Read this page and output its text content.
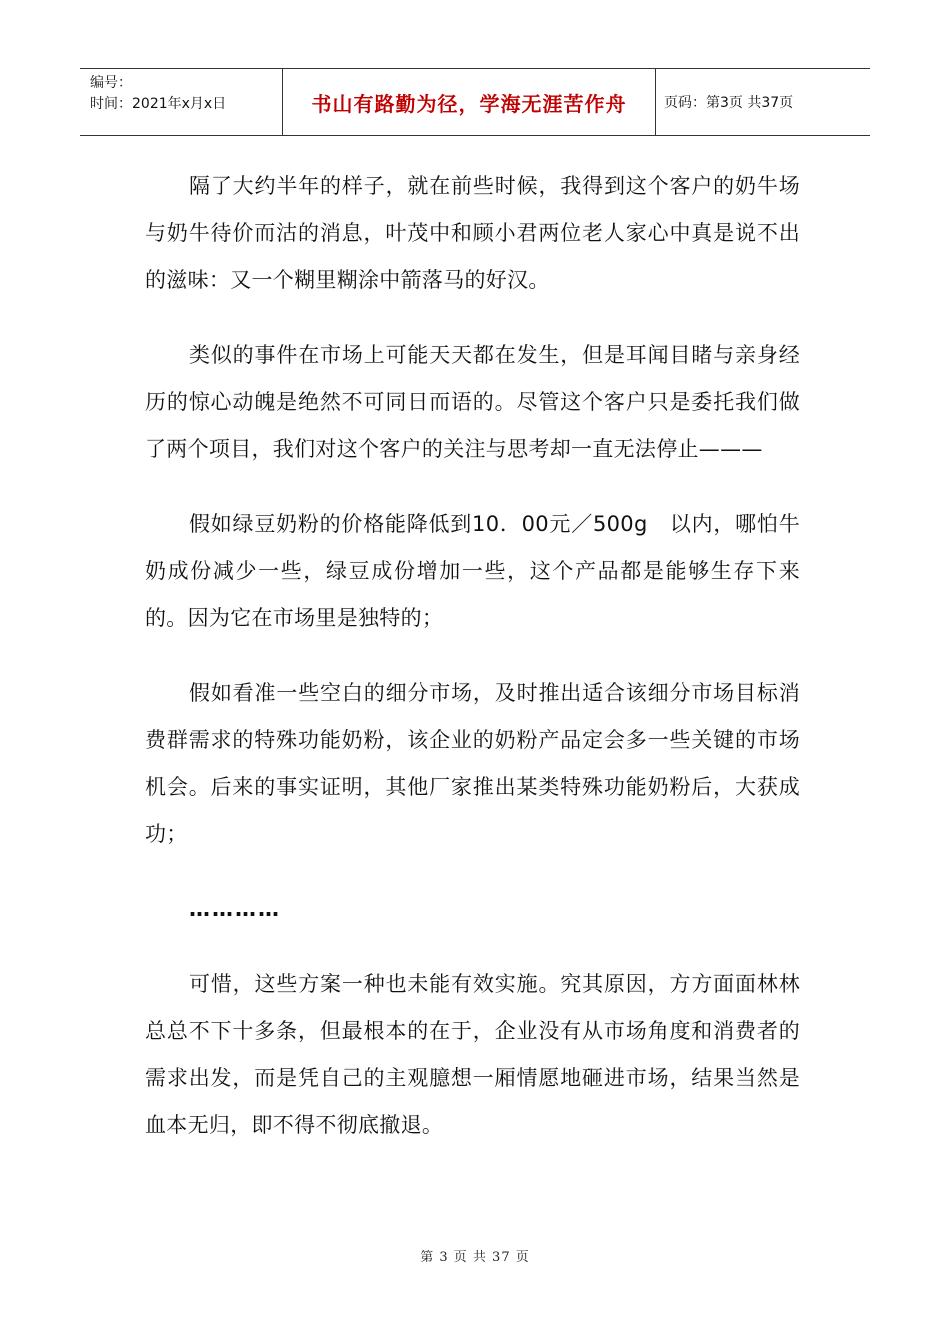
编号：
时间：2021年x月x日	书山有路勤为径，学海无涯苦作舟	页码：第3页 共37页

隔了大约半年的样子，就在前些时候，我得到这个客户的奶牛场与奶牛待价而沽的消息，叶茂中和顾小君两位老人家心中真是说不出的滋味：又一个糊里糊涂中箭落马的好汉。

类似的事件在市场上可能天天都在发生，但是耳闻目睹与亲身经历的惊心动魄是绝然不可同日而语的。尽管这个客户只是委托我们做了两个项目，我们对这个客户的关注与思考却一直无法停止———

假如绿豆奶粉的价格能降低到10．00元／500g　以内，哪怕牛奶成份减少一些，绿豆成份增加一些，这个产品都是能够生存下来的。因为它在市场里是独特的；

假如看准一些空白的细分市场，及时推出适合该细分市场目标消费群需求的特殊功能奶粉，该企业的奶粉产品定会多一些关键的市场机会。后来的事实证明，其他厂家推出某类特殊功能奶粉后，大获成功；

…………

可惜，这些方案一种也未能有效实施。究其原因，方方面面林林总总不下十多条，但最根本的在于，企业没有从市场角度和消费者的需求出发，而是凭自己的主观臆想一厢情愿地砸进市场，结果当然是血本无归，即不得不彻底撤退。

第 3 页 共 37 页
